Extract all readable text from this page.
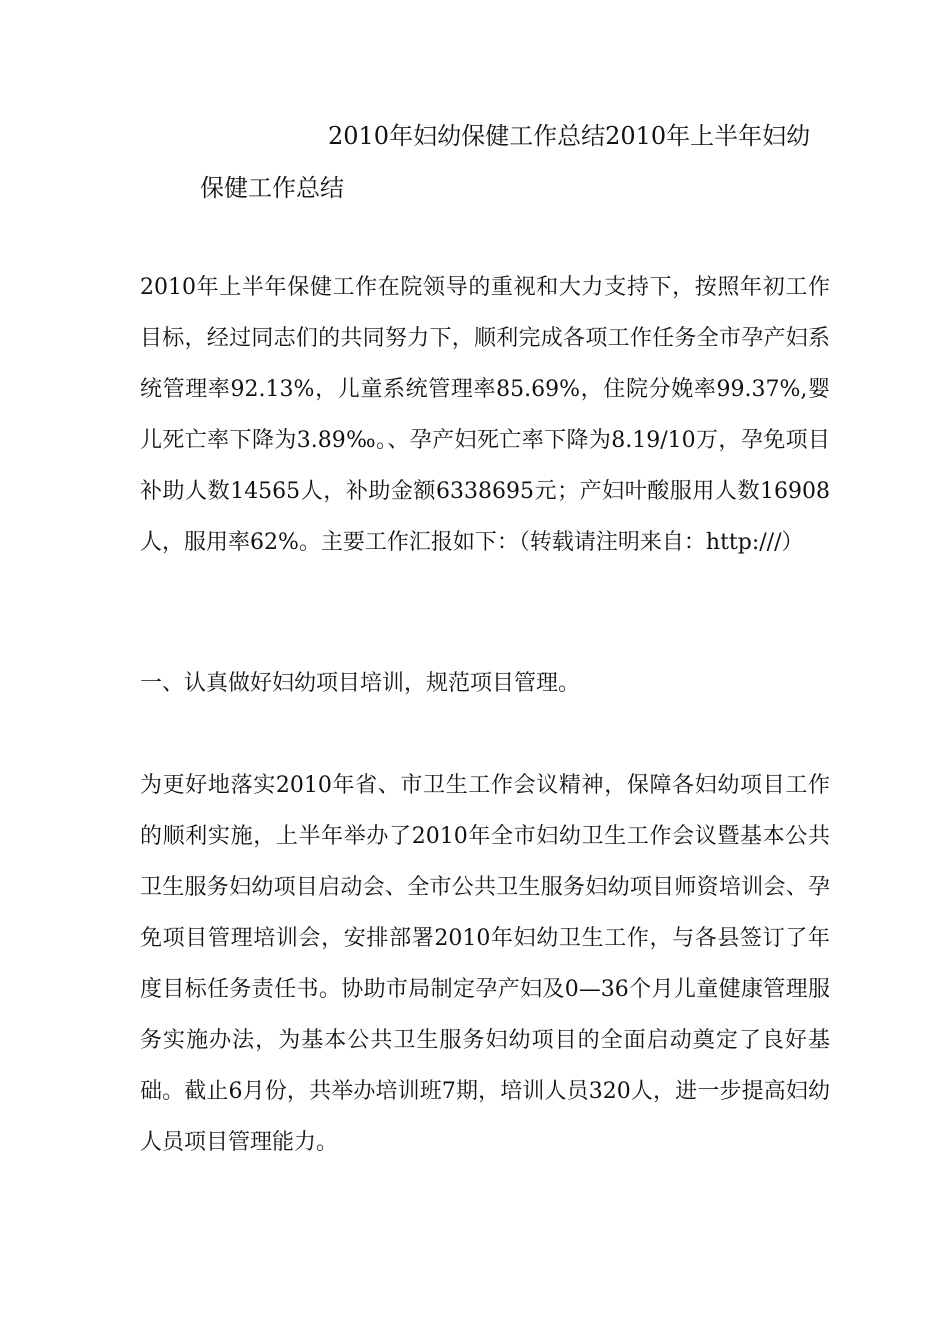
2010年妇幼保健工作总结2010年上半年妇幼
保健工作总结
2010年上半年保健工作在院领导的重视和大力支持下，按照年初工作目标，经过同志们的共同努力下，顺利完成各项工作任务全市孕产妇系统管理率92.13%，儿童系统管理率85.69%，住院分娩率99.37%,婴儿死亡率下降为3.89‰。、孕产妇死亡率下降为8.19/10万，孕免项目补助人数14565人，补助金额6338695元；产妇叶酸服用人数16908人，服用率62%。主要工作汇报如下：（转载请注明来自：http:///）
一、认真做好妇幼项目培训，规范项目管理。
为更好地落实2010年省、市卫生工作会议精神，保障各妇幼项目工作的顺利实施，上半年举办了2010年全市妇幼卫生工作会议暨基本公共卫生服务妇幼项目启动会、全市公共卫生服务妇幼项目师资培训会、孕免项目管理培训会，安排部署2010年妇幼卫生工作，与各县签订了年度目标任务责任书。协助市局制定孕产妇及0—36个月儿童健康管理服务实施办法，为基本公共卫生服务妇幼项目的全面启动奠定了良好基础。截止6月份，共举办培训班7期，培训人员320人，进一步提高妇幼人员项目管理能力。
